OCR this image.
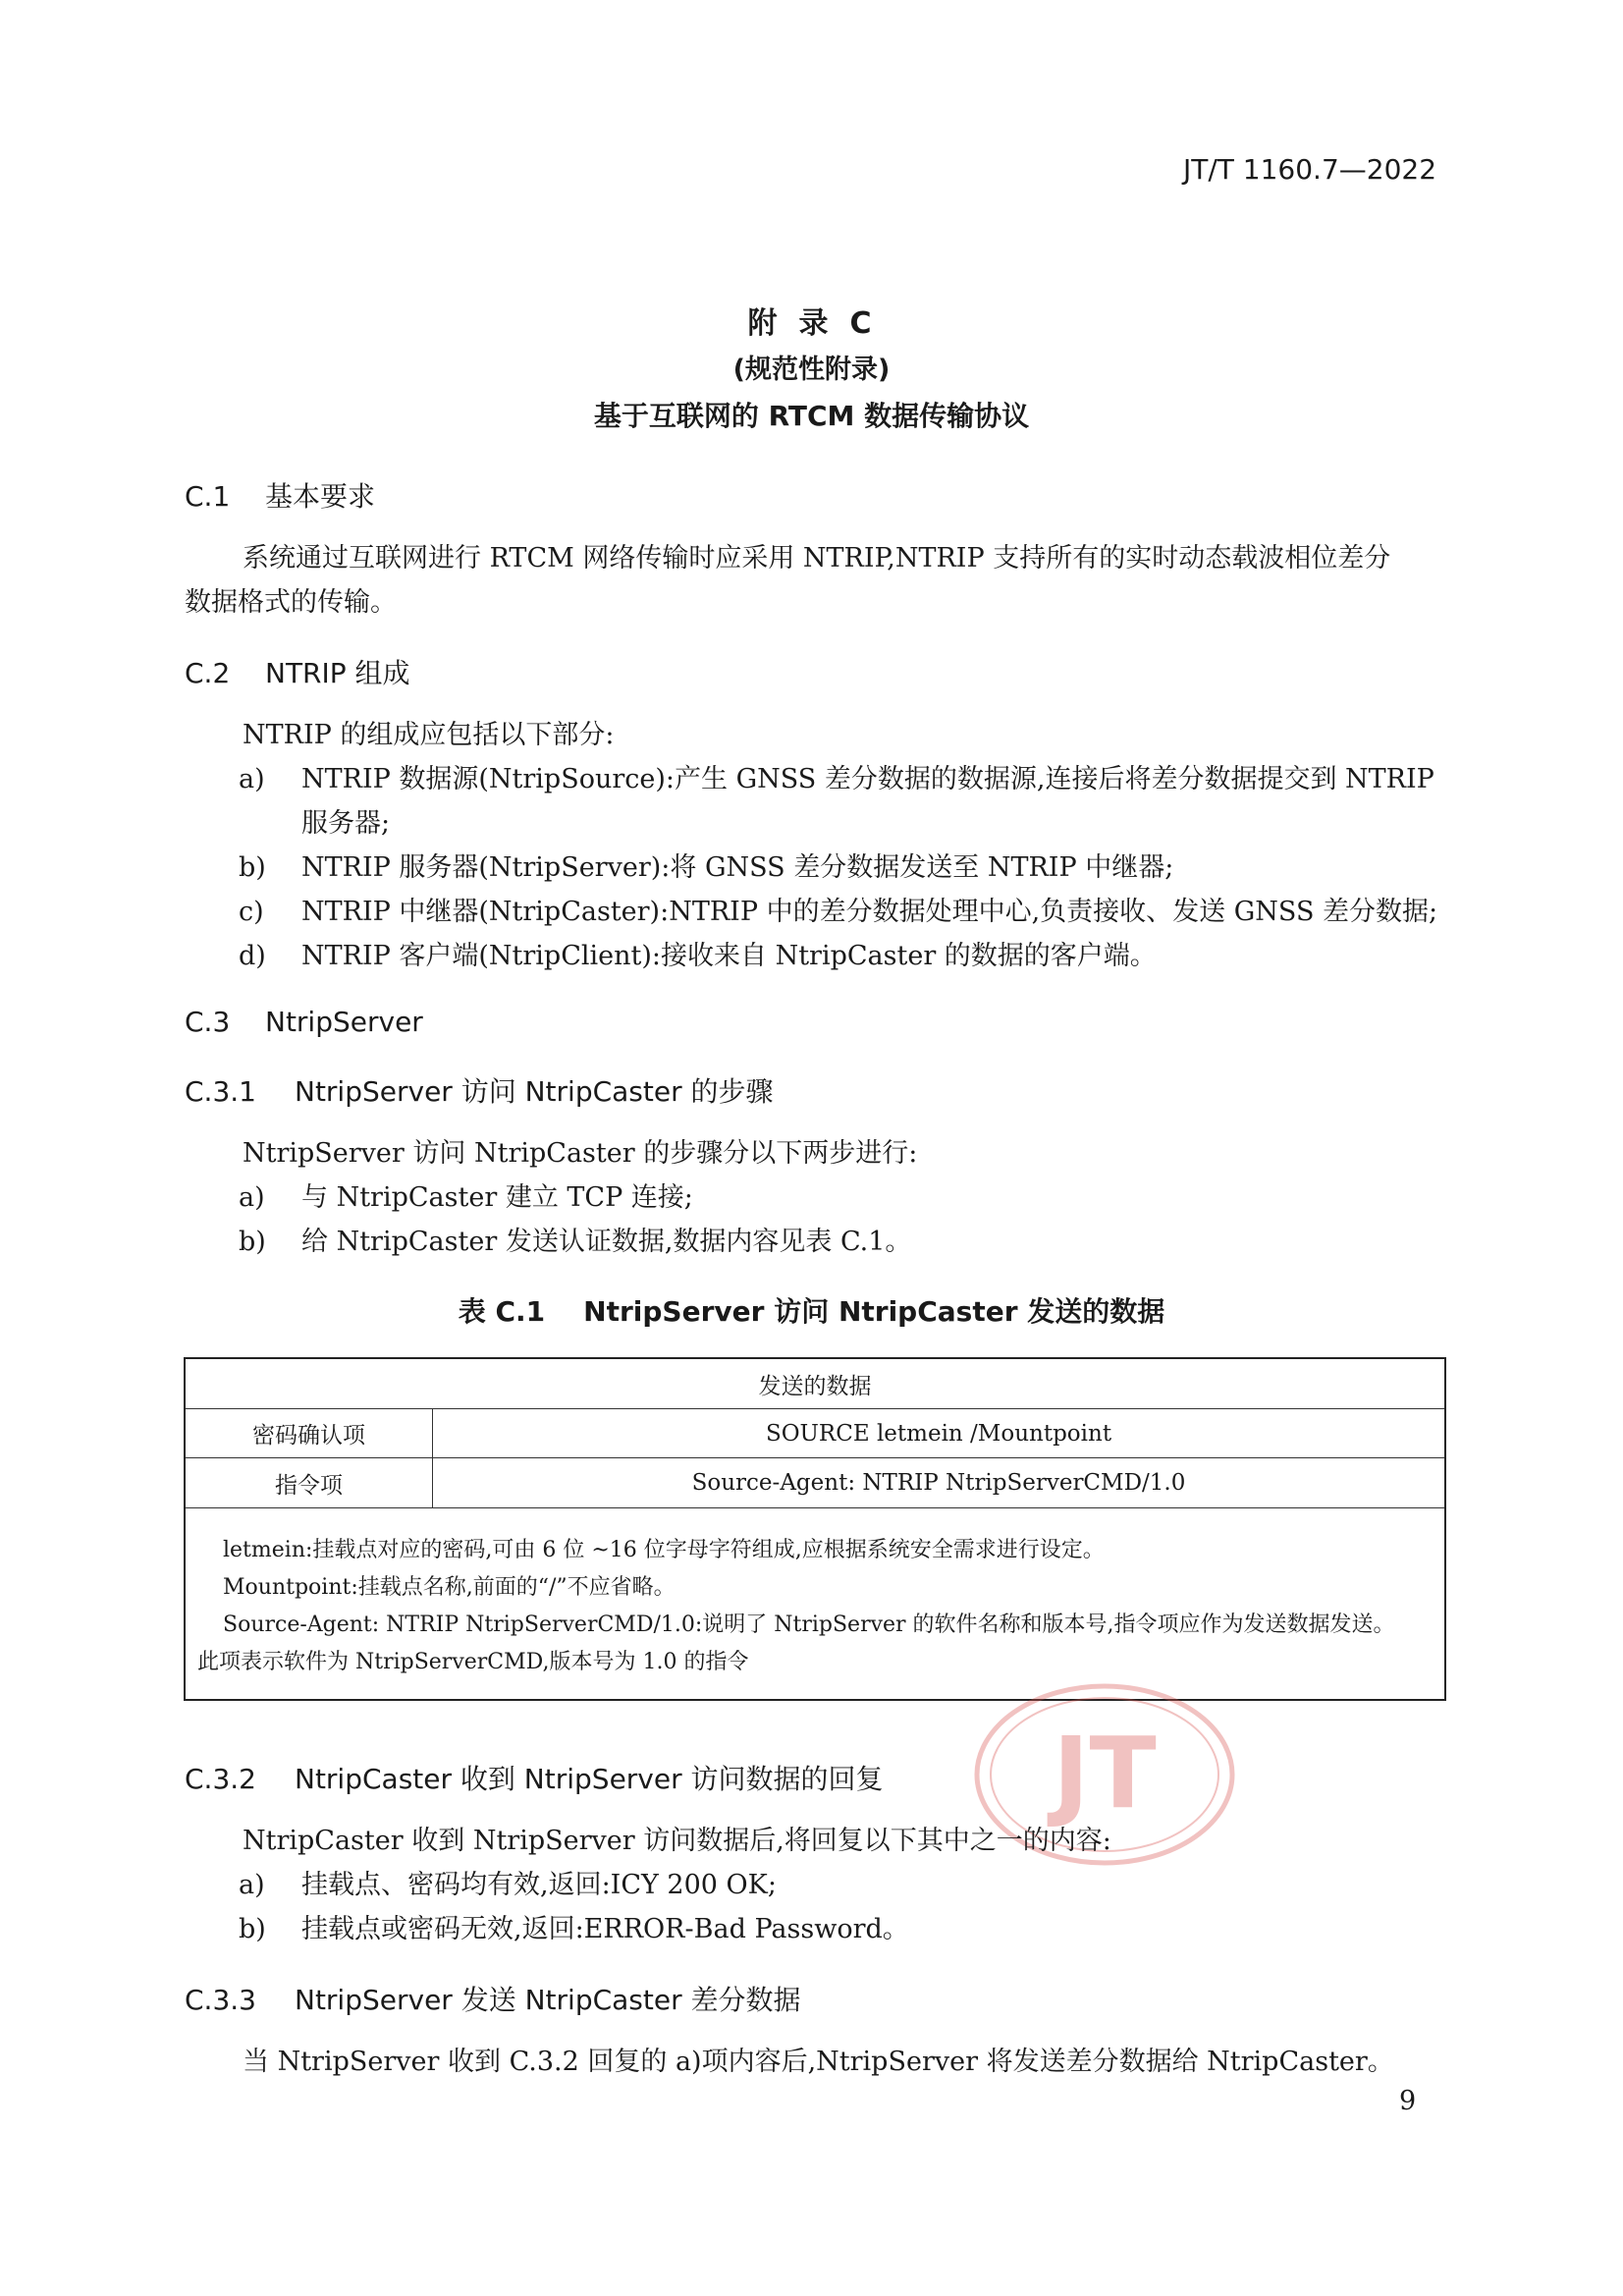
JT/T 1160.7—2022
附 录 C
(规范性附录)
基于互联网的 RTCM 数据传输协议
C.1 基本要求
系统通过互联网进行 RTCM 网络传输时应采用 NTRIP,NTRIP 支持所有的实时动态载波相位差分
数据格式的传输。
C.2 NTRIP 组成
NTRIP 的组成应包括以下部分:
a) NTRIP 数据源(NtripSource):产生 GNSS 差分数据的数据源,连接后将差分数据提交到 NTRIP
服务器;
b) NTRIP 服务器(NtripServer):将 GNSS 差分数据发送至 NTRIP 中继器;
c) NTRIP 中继器(NtripCaster):NTRIP 中的差分数据处理中心,负责接收、发送 GNSS 差分数据;
d) NTRIP 客户端(NtripClient):接收来自 NtripCaster 的数据的客户端。
C.3 NtripServer
C.3.1 NtripServer 访问 NtripCaster 的步骤
NtripServer 访问 NtripCaster 的步骤分以下两步进行:
a) 与 NtripCaster 建立 TCP 连接;
b) 给 NtripCaster 发送认证数据,数据内容见表 C.1。
表 C.1    NtripServer 访问 NtripCaster 发送的数据
发送的数据
密码确认项	SOURCE letmein /Mountpoint
指令项	Source-Agent: NTRIP NtripServerCMD/1.0
letmein:挂载点对应的密码,可由 6 位 ~16 位字母字符组成,应根据系统安全需求进行设定。
Mountpoint:挂载点名称,前面的“/”不应省略。
Source-Agent: NTRIP NtripServerCMD/1.0:说明了 NtripServer 的软件名称和版本号,指令项应作为发送数据发送。
此项表示软件为 NtripServerCMD,版本号为 1.0 的指令
JT
C.3.2 NtripCaster 收到 NtripServer 访问数据的回复
NtripCaster 收到 NtripServer 访问数据后,将回复以下其中之一的内容:
a) 挂载点、密码均有效,返回:ICY 200 OK;
b) 挂载点或密码无效,返回:ERROR-Bad Password。
C.3.3 NtripServer 发送 NtripCaster 差分数据
当 NtripServer 收到 C.3.2 回复的 a)项内容后,NtripServer 将发送差分数据给 NtripCaster。
9
